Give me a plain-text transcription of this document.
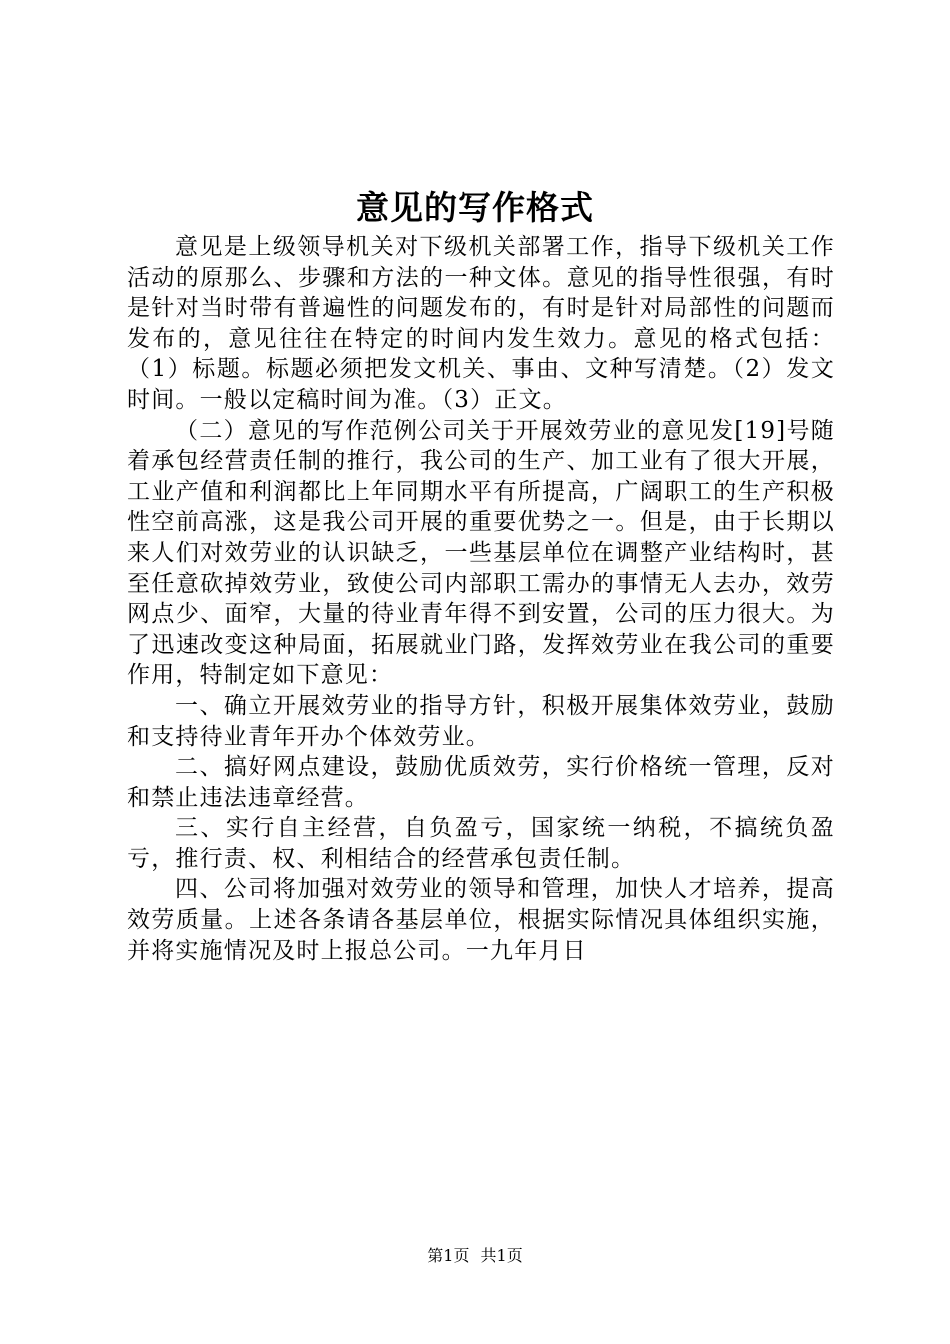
意见的写作格式

意见是上级领导机关对下级机关部署工作，指导下级机关工作活动的原那么、步骤和方法的一种文体。意见的指导性很强，有时是针对当时带有普遍性的问题发布的，有时是针对局部性的问题而发布的，意见往往在特定的时间内发生效力。意见的格式包括：（1）标题。标题必须把发文机关、事由、文种写清楚。（2）发文时间。一般以定稿时间为准。（3）正文。

（二）意见的写作范例公司关于开展效劳业的意见发[19]号随着承包经营责任制的推行，我公司的生产、加工业有了很大开展，工业产值和利润都比上年同期水平有所提高，广阔职工的生产积极性空前高涨，这是我公司开展的重要优势之一。但是，由于长期以来人们对效劳业的认识缺乏，一些基层单位在调整产业结构时，甚至任意砍掉效劳业，致使公司内部职工需办的事情无人去办，效劳网点少、面窄，大量的待业青年得不到安置，公司的压力很大。为了迅速改变这种局面，拓展就业门路，发挥效劳业在我公司的重要作用，特制定如下意见：

一、确立开展效劳业的指导方针，积极开展集体效劳业，鼓励和支持待业青年开办个体效劳业。

二、搞好网点建设，鼓励优质效劳，实行价格统一管理，反对和禁止违法违章经营。

三、实行自主经营，自负盈亏，国家统一纳税，不搞统负盈亏，推行责、权、利相结合的经营承包责任制。

四、公司将加强对效劳业的领导和管理，加快人才培养，提高效劳质量。上述各条请各基层单位，根据实际情况具体组织实施，并将实施情况及时上报总公司。一九年月日

第1页 共1页
